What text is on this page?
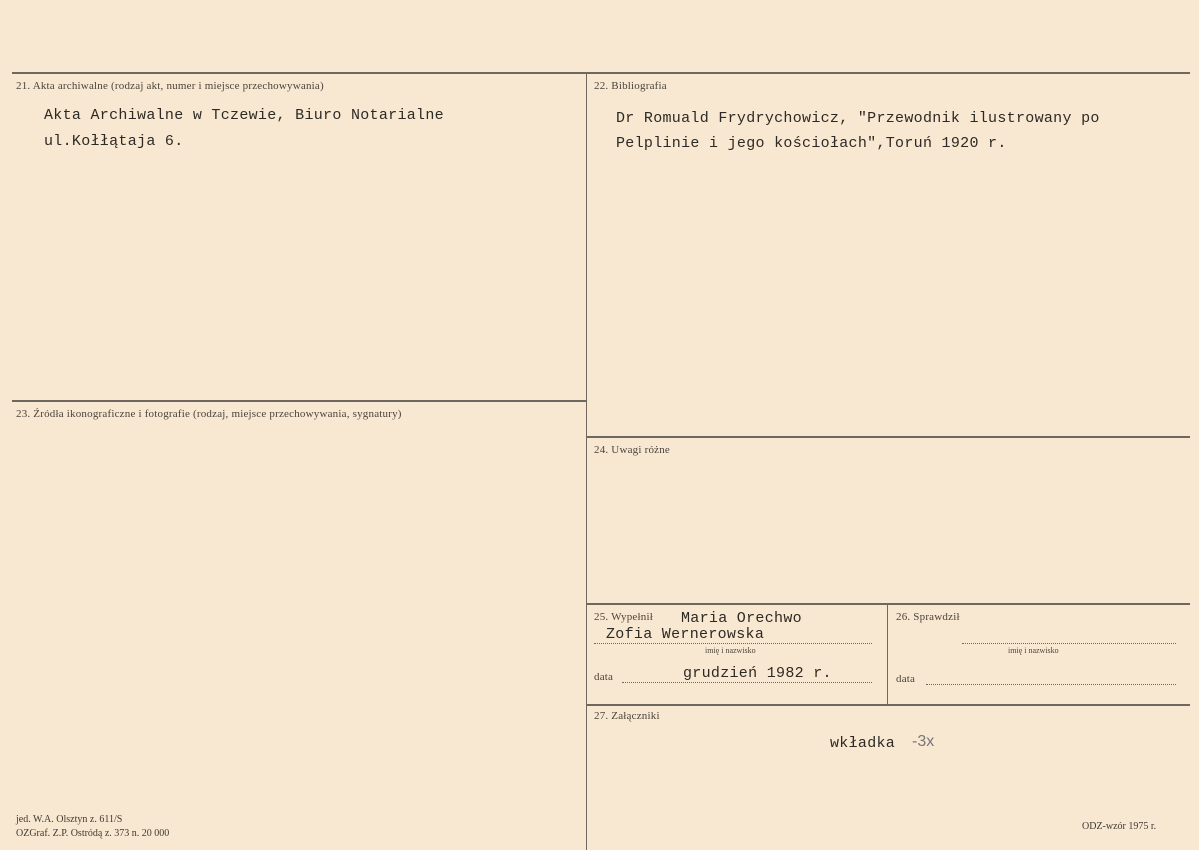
21. Akta archiwalne (rodzaj akt, numer i miejsce przechowywania)
Akta Archiwalne w Tczewie, Biuro Notarialne
ul.Kołłątaja 6.
23. Źródła ikonograficzne i fotografie (rodzaj, miejsce przechowywania, sygnatury)
22. Bibliografia
Dr Romuald Frydrychowicz, "Przewodnik ilustrowany po
Pelplinie i jego kościołach",Toruń 1920 r.
24. Uwagi różne
25. Wypełnił Maria Orechwo
Zofia Wernerowska
imię i nazwisko
data	grudzień 1982 r.
26. Sprawdził
imię i nazwisko
data
27. Załączniki
wkładka -3x
jed. W.A. Olsztyn z. 611/S
OZGraf. Z.P. Ostródą z. 373 n. 20 000
ODZ-wzór 1975 r.
